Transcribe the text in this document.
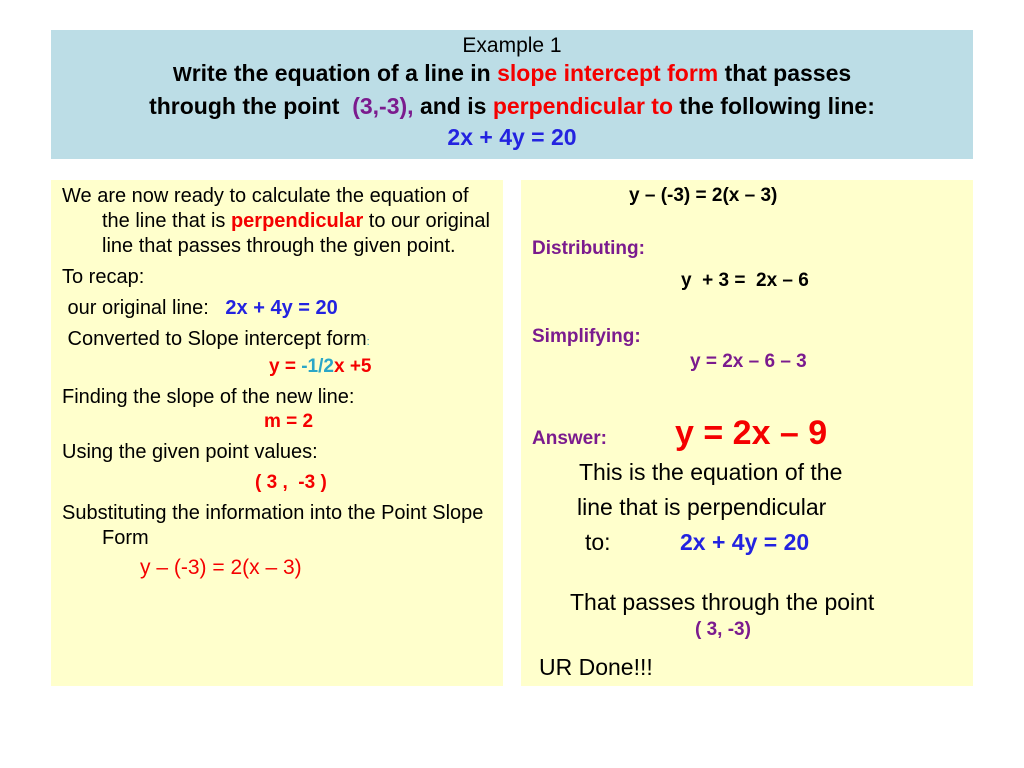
Example 1
Write the equation of a line in slope intercept form that passes
through the point  (3,-3), and is perpendicular to the following line:
2x + 4y = 20

We are now ready to calculate the equation of the line that is perpendicular to our original line that passes through the given point.

To recap:

our original line:   2x + 4y = 20

Converted to Slope intercept form:

y = -1/2x +5

Finding the slope of the new line:

m = 2

Using the given point values:

( 3 ,  -3 )

Substituting the information into the Point Slope Form

y – (-3) = 2(x – 3)

y – (-3) = 2(x – 3)
Distributing:
y  + 3 =  2x – 6
Simplifying:
y = 2x – 6 – 3
Answer: y = 2x – 9
This is the equation of the
line that is perpendicular
to:	2x + 4y = 20
That passes through the point
( 3, -3)
UR Done!!!
